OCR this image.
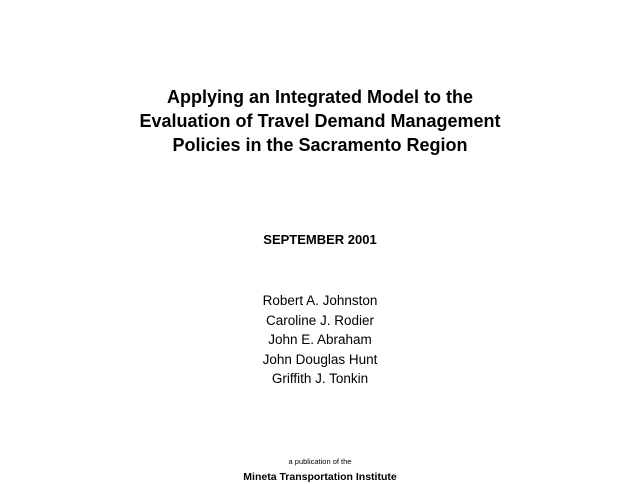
Applying an Integrated Model to the
Evaluation of Travel Demand Management
Policies in the Sacramento Region
SEPTEMBER 2001
Robert A. Johnston
Caroline J. Rodier
John E. Abraham
John Douglas Hunt
Griffith J. Tonkin
a publication of the
Mineta Transportation Institute
